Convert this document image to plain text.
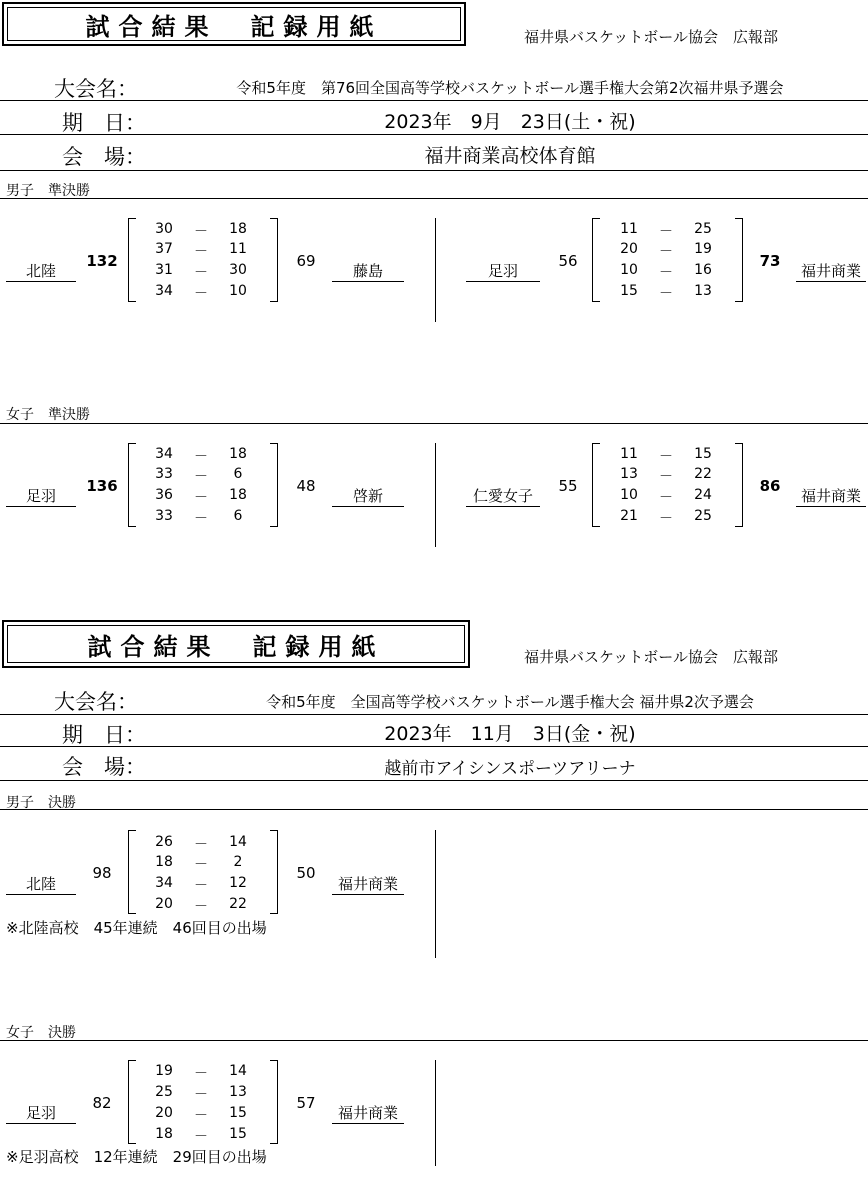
試合結果　記録用紙	福井県バスケットボール協会　広報部
大会名：	令和5年度　第76回全国高等学校バスケットボール選手権大会第2次福井県予選会
期　日：	2023年　9月　23日(土・祝)
会　場：	福井商業高校体育館
男子　準決勝
北陸
132
30	－	18
37	－	11
31	－	30
34	－	10
69
藤島	足羽
56
11	－	25
20	－	19
10	－	16
15	－	13
73
福井商業
女子　準決勝
足羽
136
34	－	18
33	－	6
36	－	18
33	－	6
48
啓新	仁愛女子
55
11	－	15
13	－	22
10	－	24
21	－	25
86
福井商業
試合結果　記録用紙	福井県バスケットボール協会　広報部
大会名：	令和5年度　全国高等学校バスケットボール選手権大会 福井県2次予選会
期　日：	2023年　11月　3日(金・祝)
会　場：	越前市アイシンスポーツアリーナ
男子　決勝
北陸
98
26	－	14
18	－	2
34	－	12
20	－	22
50
福井商業
※北陸高校　45年連続　46回目の出場
女子　決勝
足羽
82
19	－	14
25	－	13
20	－	15
18	－	15
57
福井商業
※足羽高校　12年連続　29回目の出場
